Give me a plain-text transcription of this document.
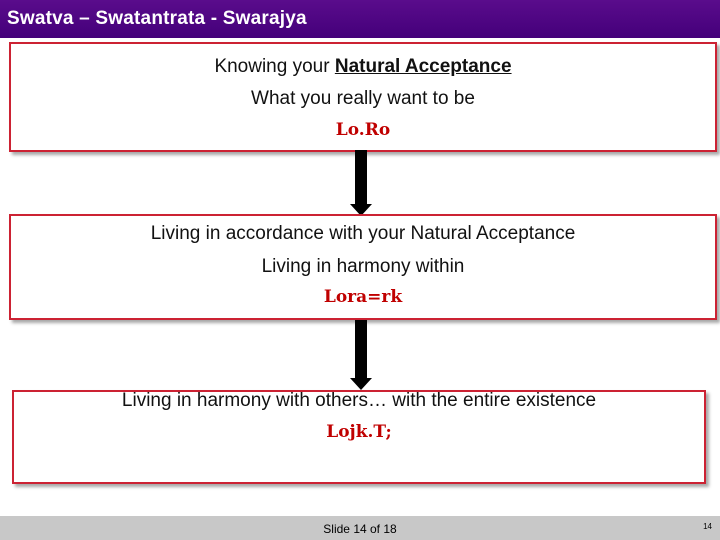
Swatva – Swatantrata - Swarajya
Knowing your Natural Acceptance
What you really want to be
Lo.Ro
Living in accordance with your Natural Acceptance
Living in harmony within
Lora=rk
Living in harmony with others… with the entire existence
Lojk.T;
Slide 14 of 18	14
